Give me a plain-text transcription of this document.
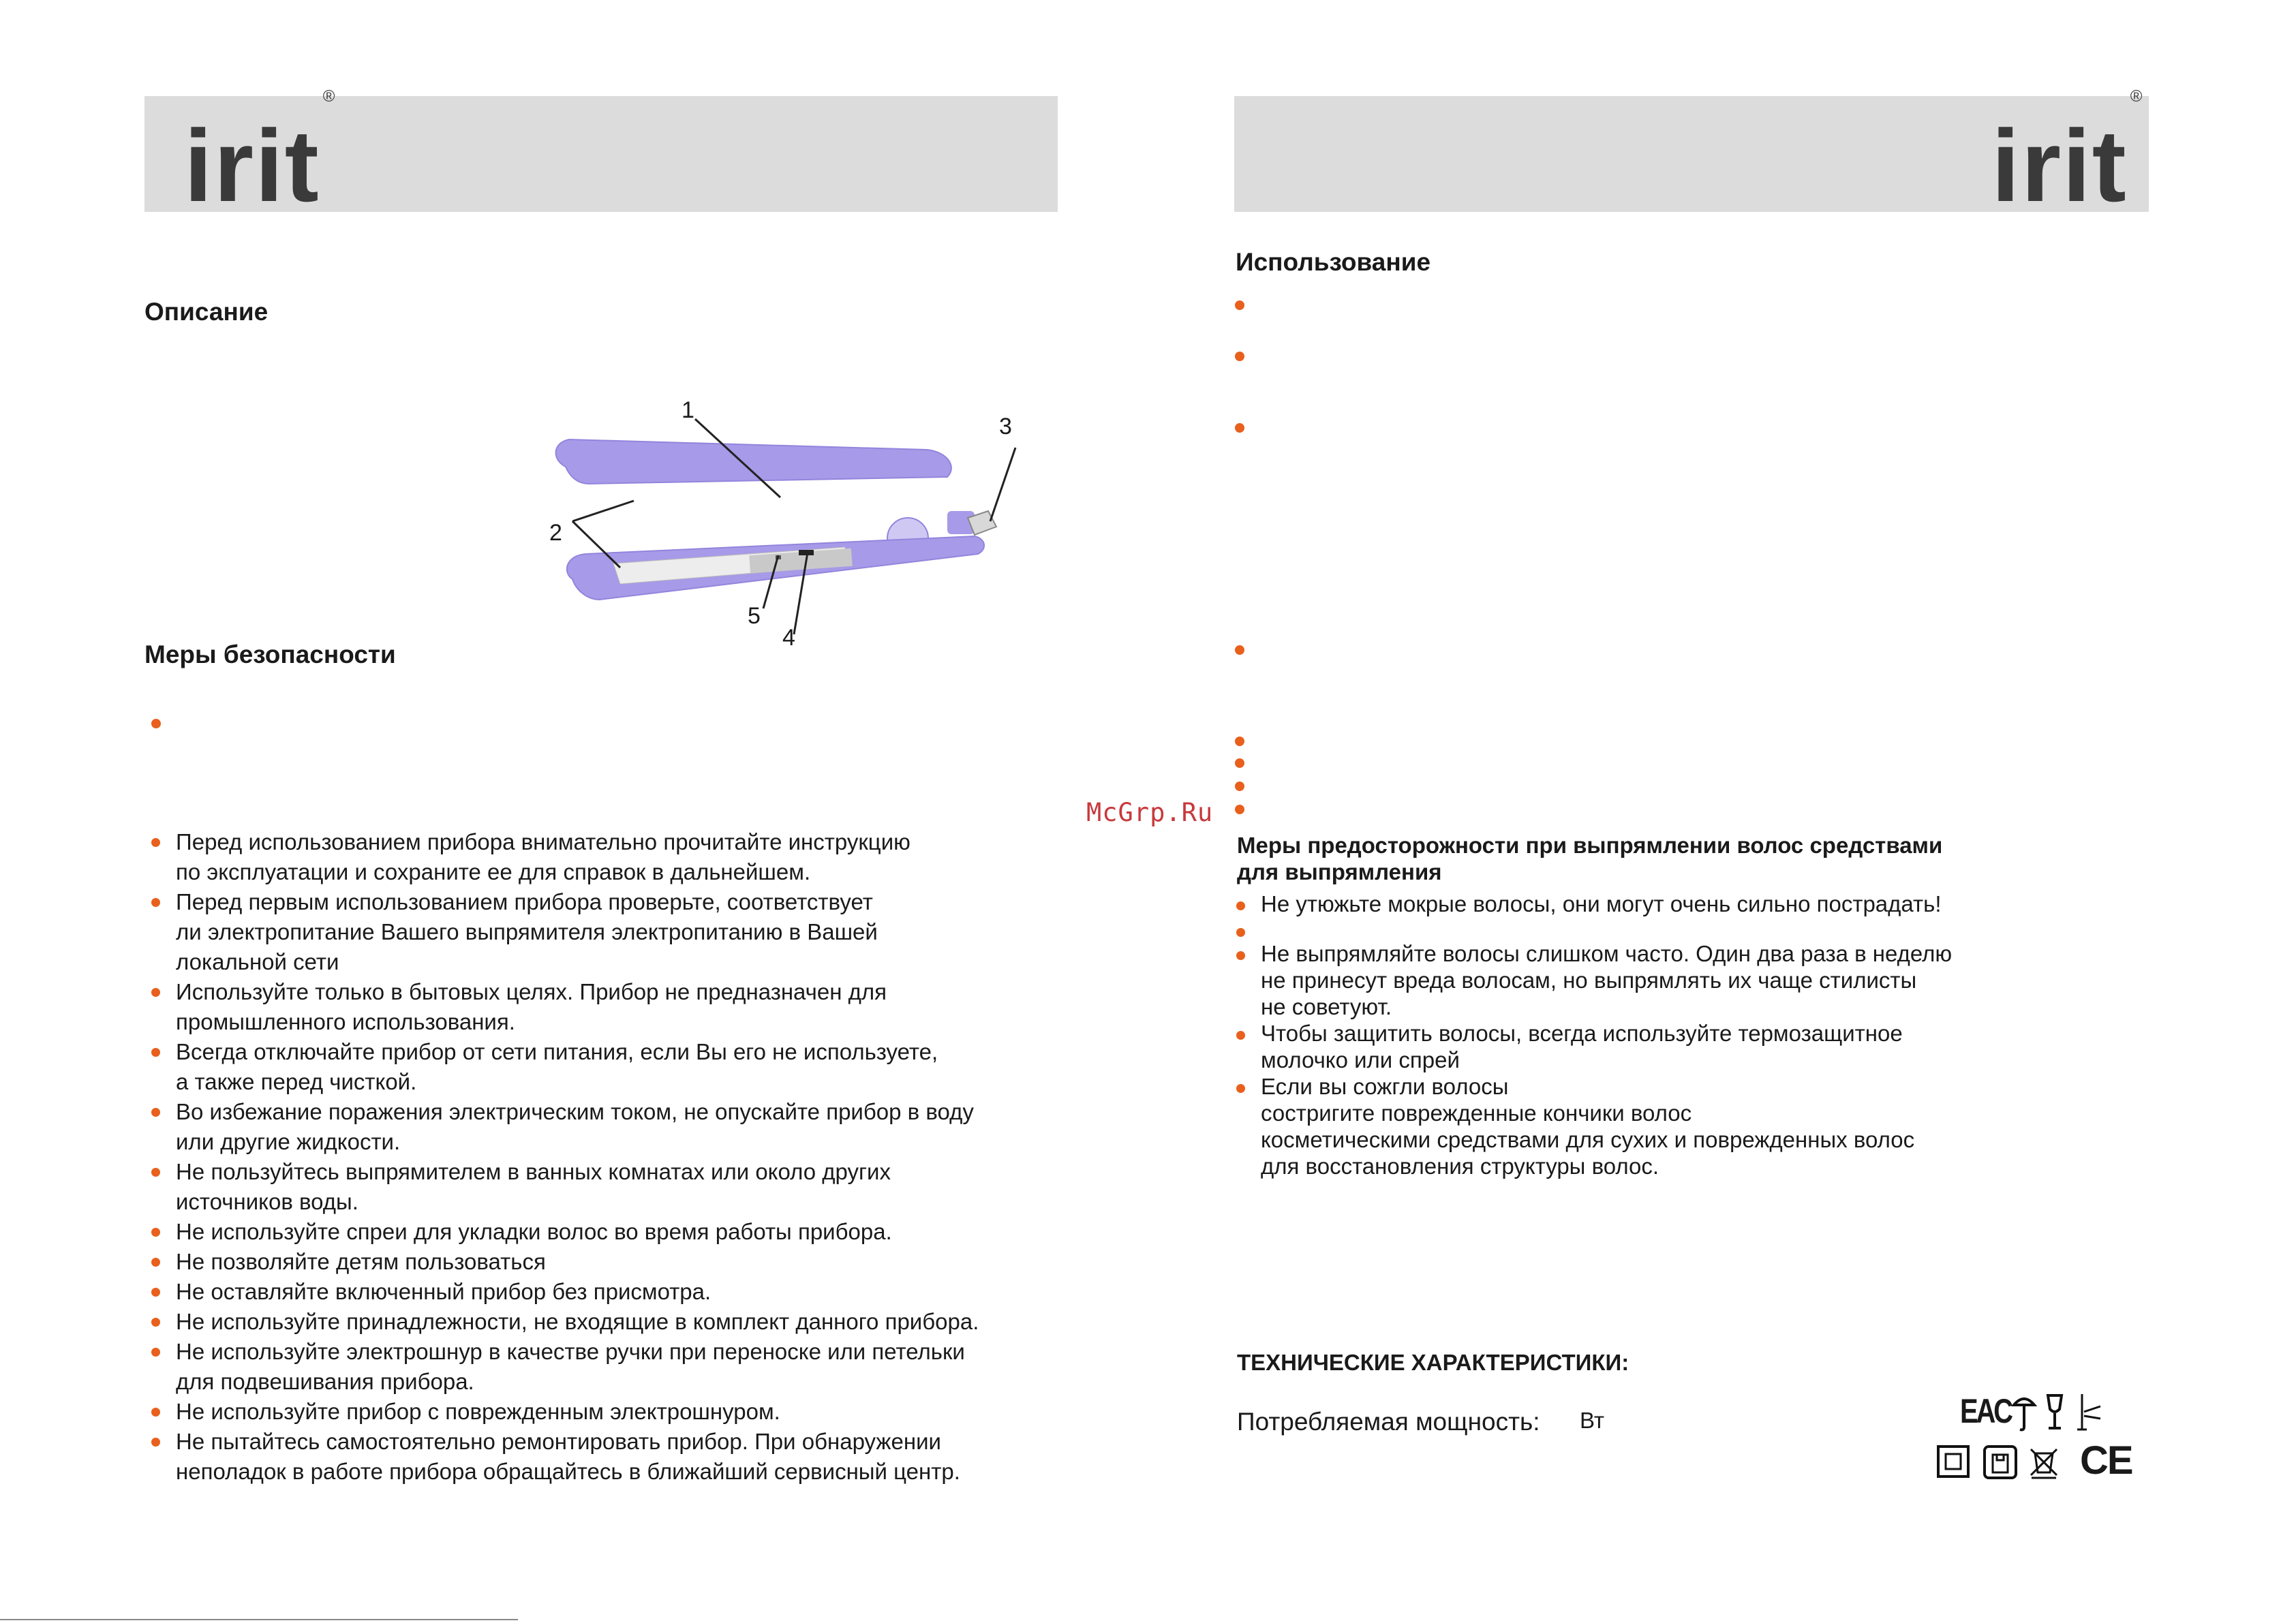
irit®
irit®
Описание
1
2
3
4
5
Меры безопасности
Перед использованием прибора внимательно прочитайте инструкцию
по эксплуатации и сохраните ее для справок в дальнейшем.
Перед первым использованием прибора проверьте, соответствует
ли электропитание Вашего выпрямителя электропитанию в Вашей
локальной сети
Используйте только в бытовых целях. Прибор не предназначен для
промышленного использования.
Всегда отключайте прибор от сети питания, если Вы его не используете,
а также перед чисткой.
Во избежание поражения электрическим током, не опускайте прибор в воду
или другие жидкости.
Не пользуйтесь выпрямителем в ванных комнатах или около других
источников воды.
Не используйте спреи для укладки волос во время работы прибора.
Не позволяйте детям пользоваться
Не оставляйте включенный прибор без присмотра.
Не используйте принадлежности, не входящие в комплект данного прибора.
Не используйте электрошнур в качестве ручки при переноске или петельки
для подвешивания прибора.
Не используйте прибор с поврежденным электрошнуром.
Не пытайтесь самостоятельно ремонтировать прибор. При обнаружении
неполадок в работе прибора обращайтесь в ближайший сервисный центр.
McGrp.Ru
Использование
Меры предосторожности при выпрямлении волос средствами
для выпрямления
Не утюжьте мокрые волосы, они могут очень сильно пострадать!
Не выпрямляйте волосы слишком часто. Один два раза в неделю
не принесут вреда волосам, но выпрямлять их чаще стилисты
не советуют.
Чтобы защитить волосы, всегда используйте термозащитное
молочко или спрей
Если вы сожгли волосы
состригите поврежденные кончики волос
косметическими средствами для сухих и поврежденных волос
для восстановления структуры волос.
ТЕХНИЧЕСКИЕ ХАРАКТЕРИСТИКИ:
Потребляемая мощность: Вт	EAC
CE
